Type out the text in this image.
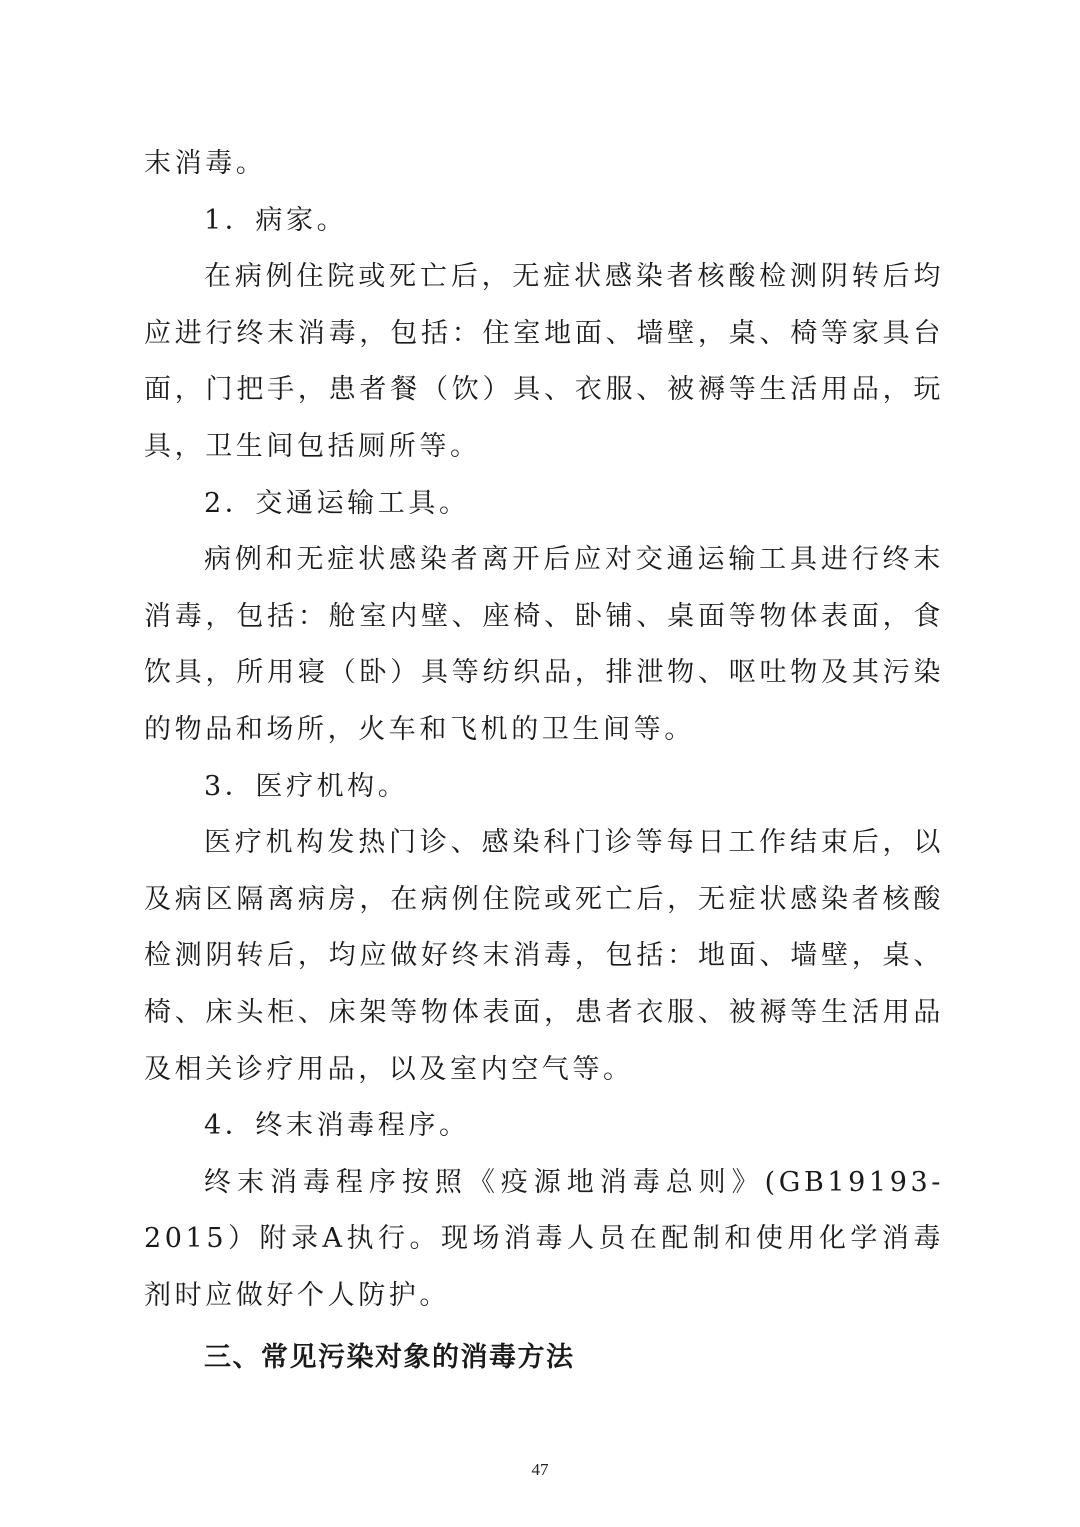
末消毒。

1．病家。

在病例住院或死亡后，无症状感染者核酸检测阴转后均应进行终末消毒，包括：住室地面、墙壁，桌、椅等家具台面，门把手，患者餐（饮）具、衣服、被褥等生活用品，玩具，卫生间包括厕所等。

2．交通运输工具。

病例和无症状感染者离开后应对交通运输工具进行终末消毒，包括：舱室内壁、座椅、卧铺、桌面等物体表面，食饮具，所用寝（卧）具等纺织品，排泄物、呕吐物及其污染的物品和场所，火车和飞机的卫生间等。

3．医疗机构。

医疗机构发热门诊、感染科门诊等每日工作结束后，以及病区隔离病房，在病例住院或死亡后，无症状感染者核酸检测阴转后，均应做好终末消毒，包括：地面、墙壁，桌、椅、床头柜、床架等物体表面，患者衣服、被褥等生活用品及相关诊疗用品，以及室内空气等。

4．终末消毒程序。

终末消毒程序按照《疫源地消毒总则》(GB19193-2015）附录A执行。现场消毒人员在配制和使用化学消毒剂时应做好个人防护。

三、常见污染对象的消毒方法

47
